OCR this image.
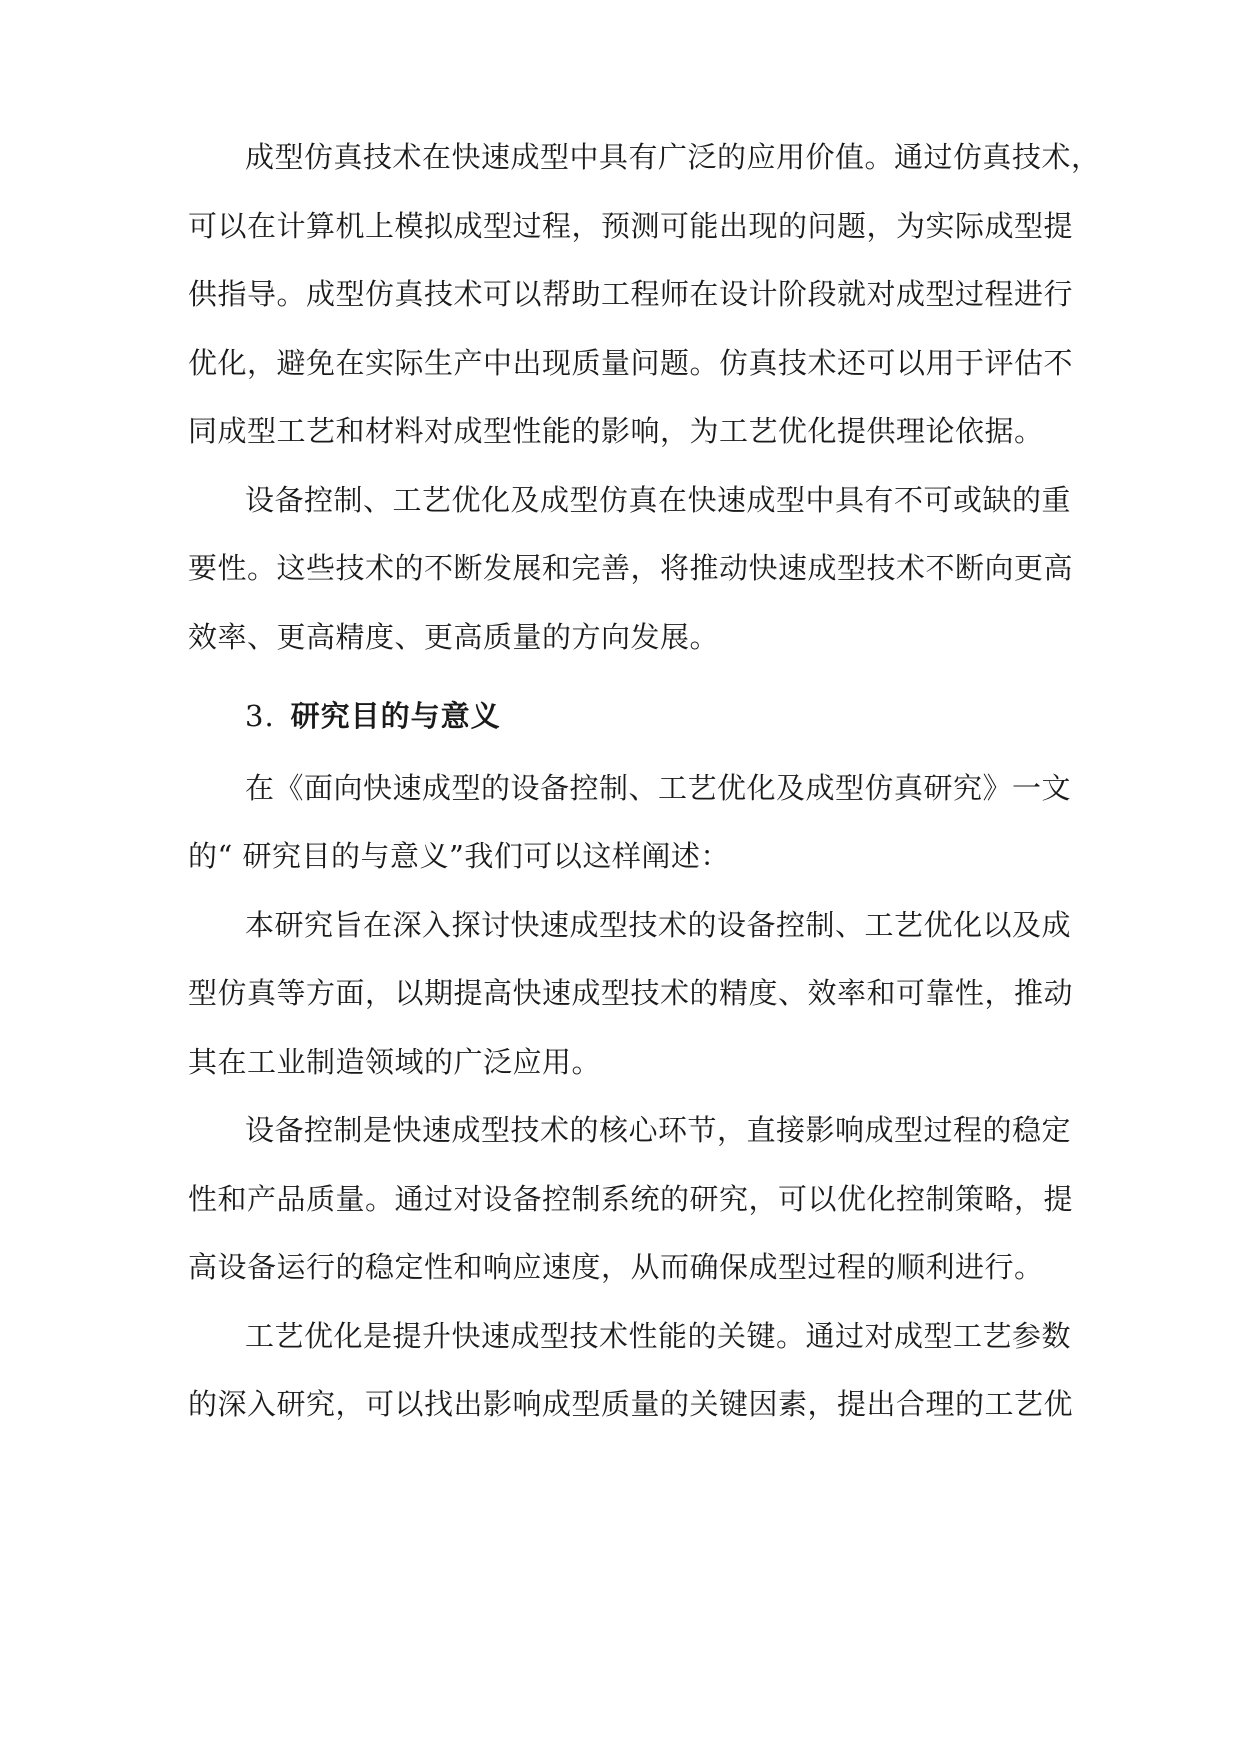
成型仿真技术在快速成型中具有广泛的应用价值。通过仿真技术，
可以在计算机上模拟成型过程，预测可能出现的问题，为实际成型提
供指导。成型仿真技术可以帮助工程师在设计阶段就对成型过程进行
优化，避免在实际生产中出现质量问题。仿真技术还可以用于评估不
同成型工艺和材料对成型性能的影响，为工艺优化提供理论依据。
设备控制、工艺优化及成型仿真在快速成型中具有不可或缺的重
要性。这些技术的不断发展和完善，将推动快速成型技术不断向更高
效率、更高精度、更高质量的方向发展。
3. 研究目的与意义
在《面向快速成型的设备控制、工艺优化及成型仿真研究》一文
的“ 研究目的与意义”我们可以这样阐述：
本研究旨在深入探讨快速成型技术的设备控制、工艺优化以及成
型仿真等方面，以期提高快速成型技术的精度、效率和可靠性，推动
其在工业制造领域的广泛应用。
设备控制是快速成型技术的核心环节，直接影响成型过程的稳定
性和产品质量。通过对设备控制系统的研究，可以优化控制策略，提
高设备运行的稳定性和响应速度，从而确保成型过程的顺利进行。
工艺优化是提升快速成型技术性能的关键。通过对成型工艺参数
的深入研究，可以找出影响成型质量的关键因素，提出合理的工艺优
